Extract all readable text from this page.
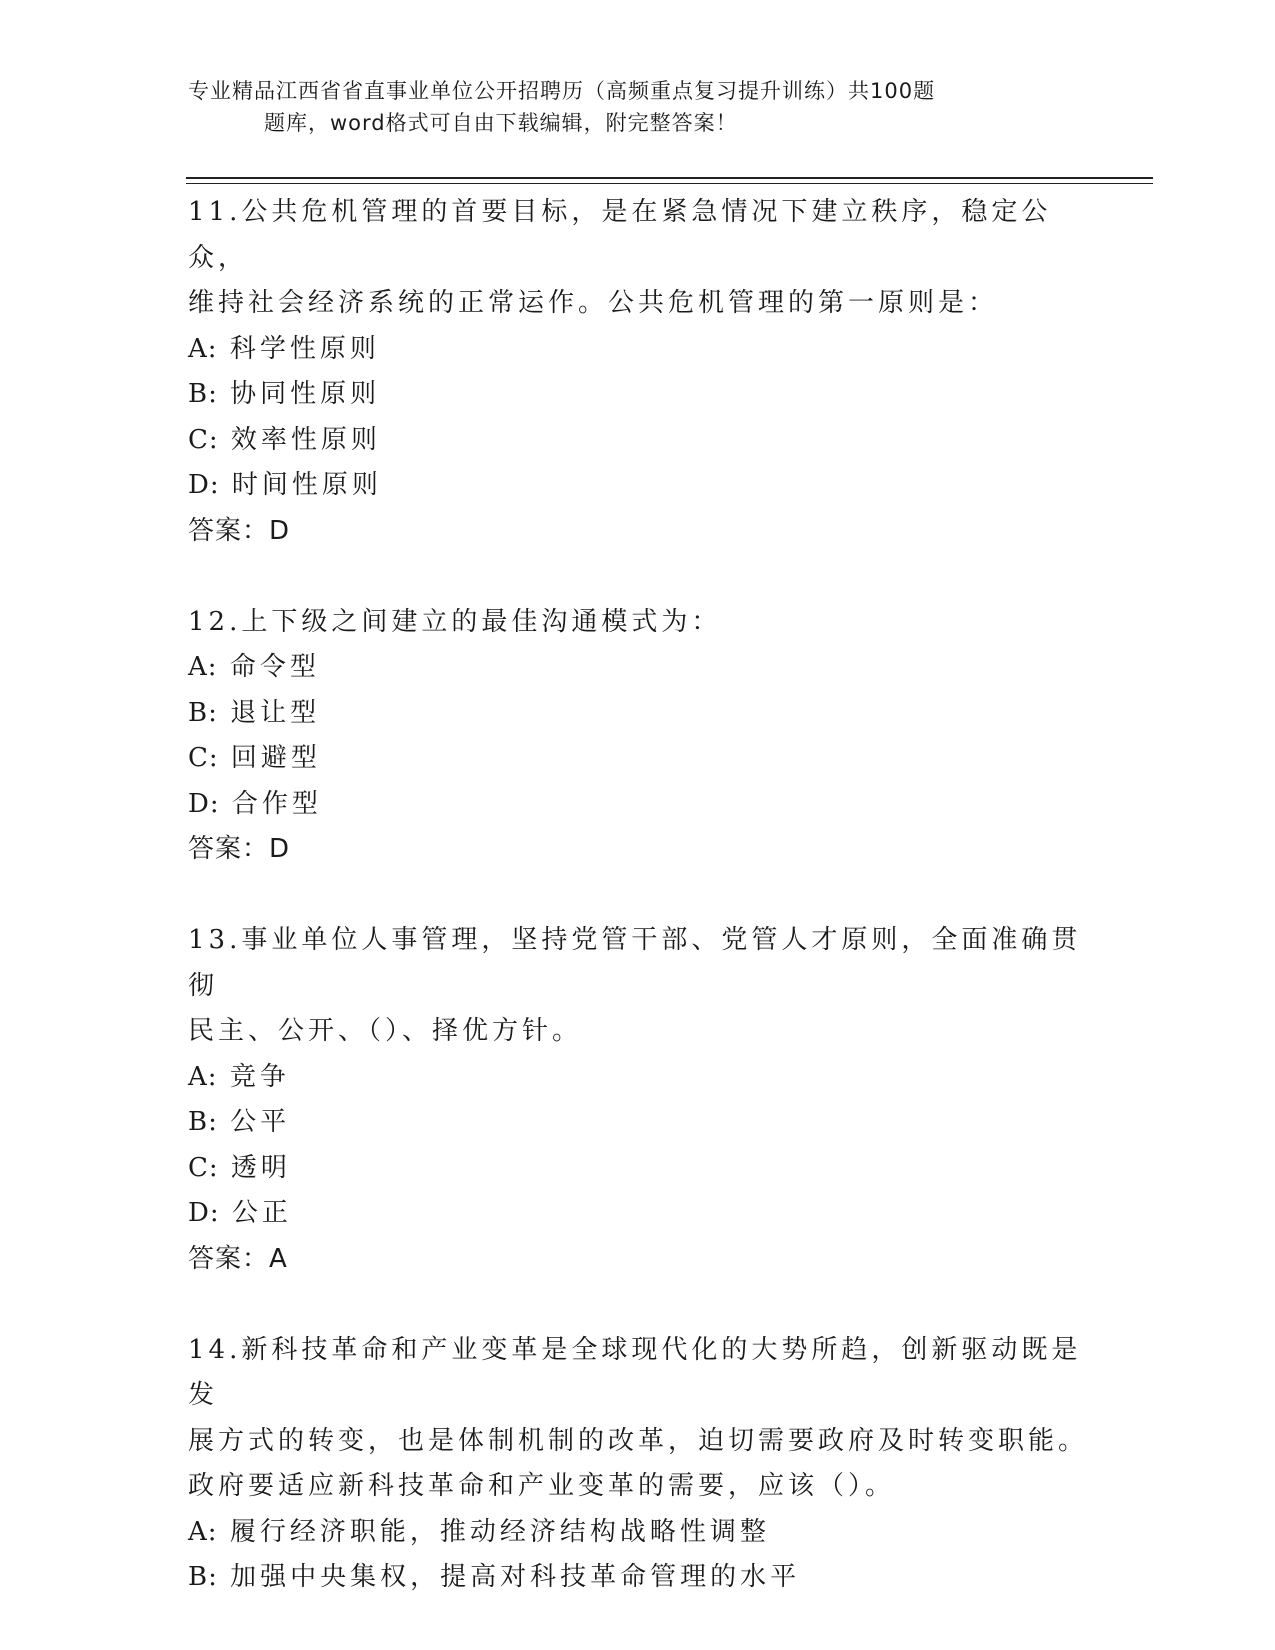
专业精品江西省省直事业单位公开招聘历（高频重点复习提升训练）共100题
题库，word格式可自由下载编辑，附完整答案！

11.公共危机管理的首要目标，是在紧急情况下建立秩序，稳定公众，

维持社会经济系统的正常运作。公共危机管理的第一原则是：

A: 科学性原则

B: 协同性原则

C: 效率性原则

D: 时间性原则

答案：D

12.上下级之间建立的最佳沟通模式为：

A: 命令型

B: 退让型

C: 回避型

D: 合作型

答案：D

13.事业单位人事管理，坚持党管干部、党管人才原则，全面准确贯彻

民主、公开、（）、择优方针。

A: 竞争

B: 公平

C: 透明

D: 公正

答案：A

14.新科技革命和产业变革是全球现代化的大势所趋，创新驱动既是发

展方式的转变，也是体制机制的改革，迫切需要政府及时转变职能。

政府要适应新科技革命和产业变革的需要，应该（）。

A: 履行经济职能，推动经济结构战略性调整

B: 加强中央集权，提高对科技革命管理的水平
